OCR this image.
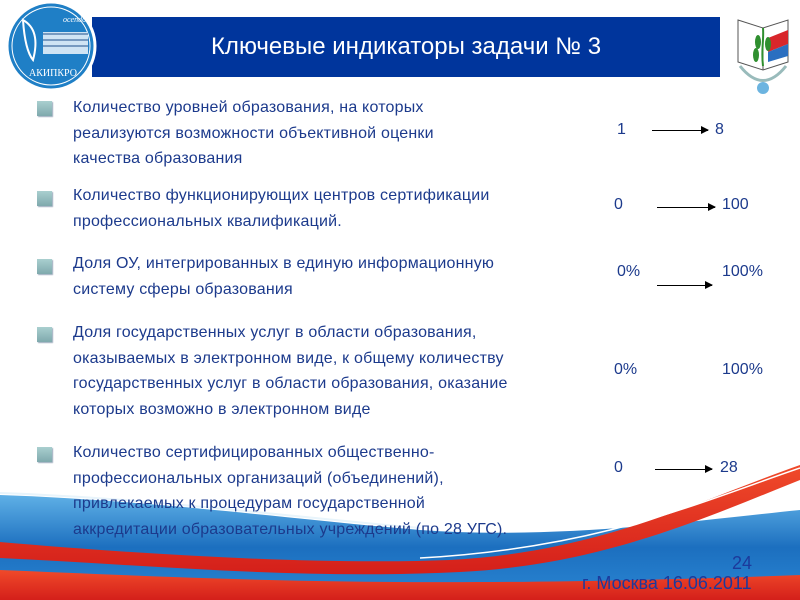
Ключевые индикаторы задачи № 3
ocendo
АКИПКРО
Количество уровней образования, на которых
реализуются возможности объективной оценки
качества образования
1	8
Количество функционирующих центров сертификации
профессиональных квалификаций.
0	100
Доля ОУ, интегрированных в единую информационную
систему сферы образования
0%	100%
Доля государственных услуг в области образования,
оказываемых в электронном виде, к общему количеству
государственных услуг в области образования, оказание
которых возможно в электронном виде
0%	100%
Количество сертифицированных общественно-
профессиональных организаций (объединений),
привлекаемых к процедурам государственной
аккредитации образовательных учреждений (по 28 УГС).
0	28
24
г. Москва 16.06.2011
